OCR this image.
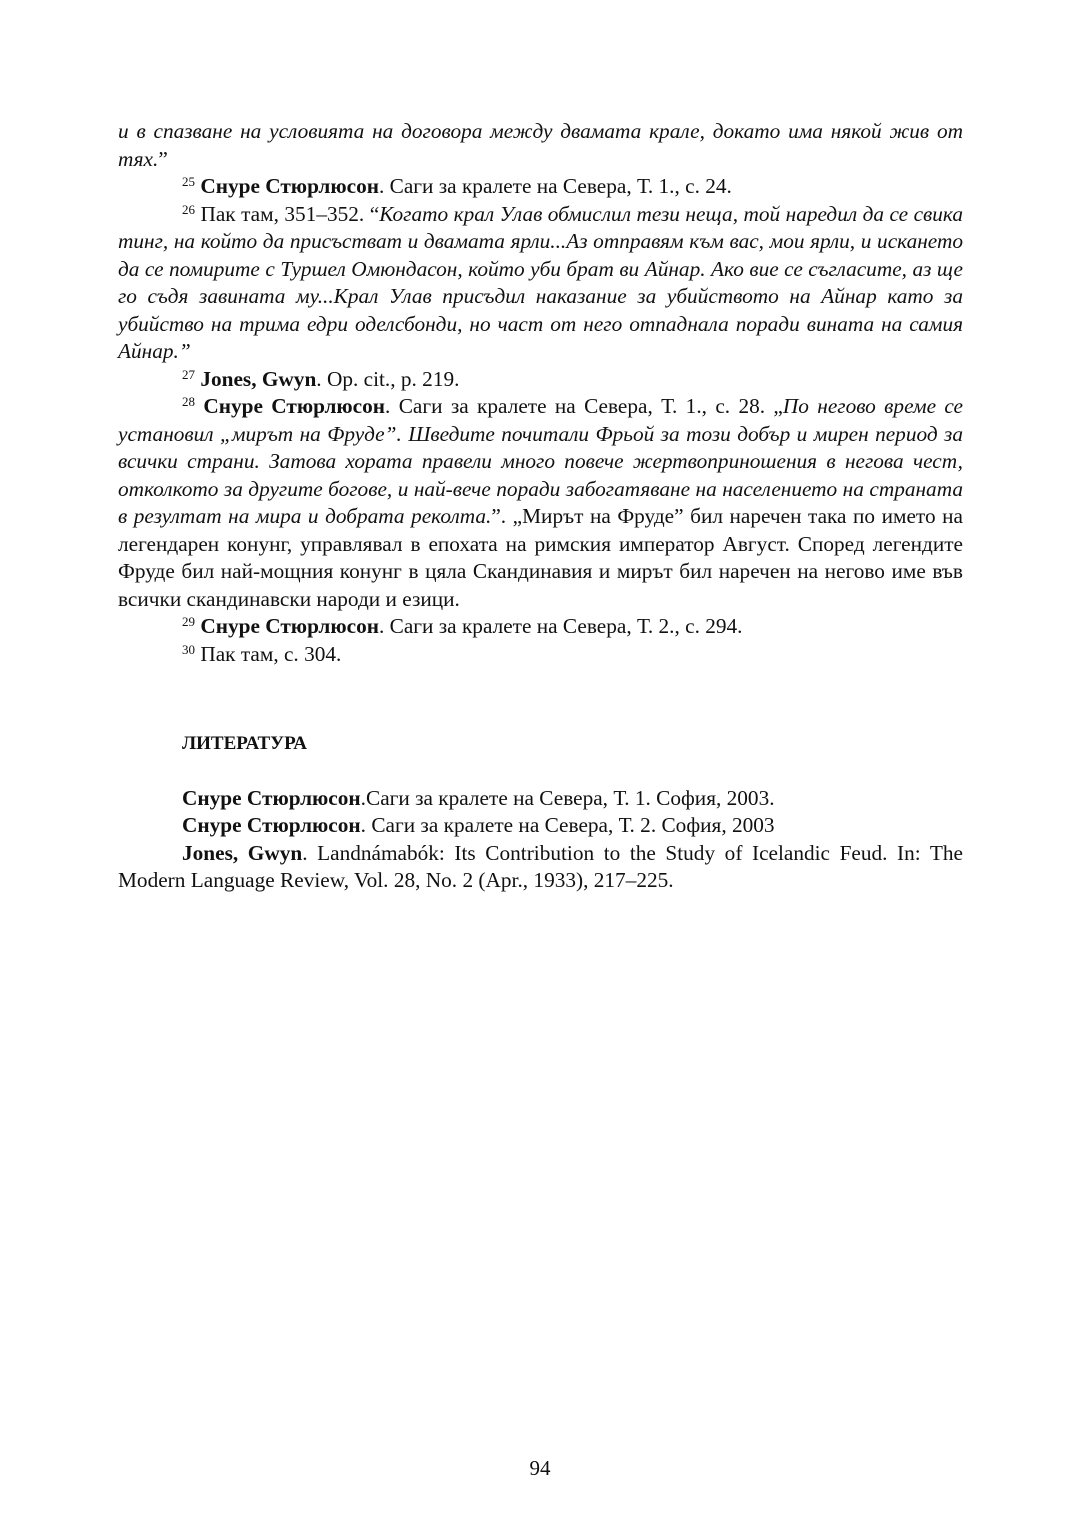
и в спазване на условията на договора между двамата крале, докато има някой жив от тях.”

$^{25}$ Снуре Стюрлюсон. Саги за кралете на Севера, Т. 1., с. 24.

$^{26}$ Пак там, 351–352. “Когато крал Улав обмислил тези неща, той наредил да се свика тинг, на който да присъстват и двамата ярли...Аз отправям към вас, мои ярли, и искането да се помирите с Туршел Омюндасон, който уби брат ви Айнар. Ако вие се съгласите, аз ще го съдя завината му...Крал Улав присъдил наказание за убийството на Айнар като за убийство на трима едри оделсбонди, но част от него отпаднала поради вината на самия Айнар.”

$^{27}$ Jones, Gwyn. Op. cit., p. 219.

$^{28}$ Снуре Стюрлюсон. Саги за кралете на Севера, Т. 1., с. 28. „По негово време се установил „мирът на Фруде”. Шведите почитали Фрьой за този добър и мирен период за всички страни. Затова хората правели много повече жертвоприношения в негова чест, отколкото за другите богове, и най-вече поради забогатяване на населението на страната в резултат на мира и добрата реколта.”. „Мирът на Фруде” бил наречен така по името на легендарен конунг, управлявал в епохата на римския император Август. Според легендите Фруде бил най-мощния конунг в цяла Скандинавия и мирът бил наречен на негово име във всички скандинавски народи и езици.

$^{29}$ Снуре Стюрлюсон. Саги за кралете на Севера, Т. 2., с. 294.

$^{30}$ Пак там, с. 304.

ЛИТЕРАТУРА

Снуре Стюрлюсон.Саги за кралете на Севера, Т. 1. София, 2003.

Снуре Стюрлюсон. Саги за кралете на Севера, Т. 2. София, 2003

Jones, Gwyn. Landnámabók: Its Contribution to the Study of Icelandic Feud. In: The Modern Language Review, Vol. 28, No. 2 (Apr., 1933), 217–225.

94
